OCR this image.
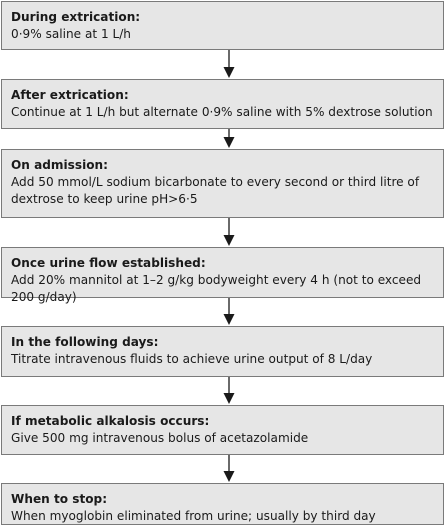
During extrication:
0·9% saline at 1 L/h
After extrication:
Continue at 1 L/h but alternate 0·9% saline with 5% dextrose solution
On admission:
Add 50 mmol/L sodium bicarbonate to every second or third litre of dextrose to keep urine pH>6·5
Once urine flow established:
Add 20% mannitol at 1–2 g/kg bodyweight every 4 h (not to exceed 200 g/day)
In the following days:
Titrate intravenous fluids to achieve urine output of 8 L/day
If metabolic alkalosis occurs:
Give 500 mg intravenous bolus of acetazolamide
When to stop:
When myoglobin eliminated from urine; usually by third day
